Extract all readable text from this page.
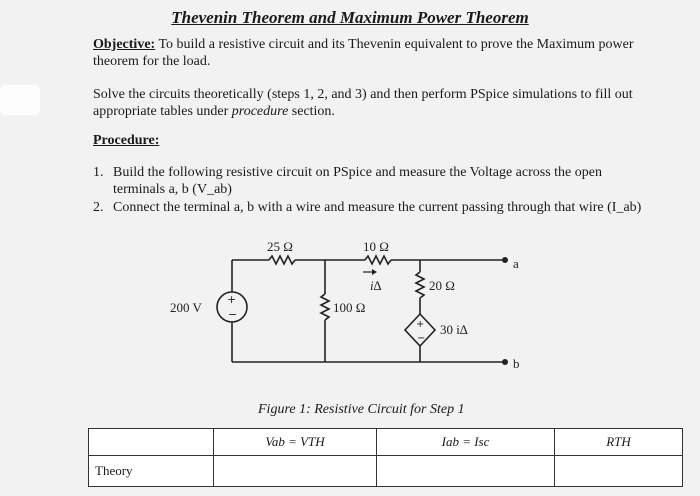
Thevenin Theorem and Maximum Power Theorem
Objective: To build a resistive circuit and its Thevenin equivalent to prove the Maximum power
theorem for the load.
Solve the circuits theoretically (steps 1, 2, and 3) and then perform PSpice simulations to fill out
appropriate tables under procedure section.
Procedure:
1. Build the following resistive circuit on PSpice and measure the Voltage across the open
terminals a, b (V_ab)
2. Connect the terminal a, b with a wire and measure the current passing through that wire (I_ab)
+
−
+
−
200 V
25 Ω	10 Ω
100 Ω
20 Ω
i∆
30 i∆
a
b
Figure 1: Resistive Circuit for Step 1
	Vab = VTH	Iab = Isc	RTH
Theory			
